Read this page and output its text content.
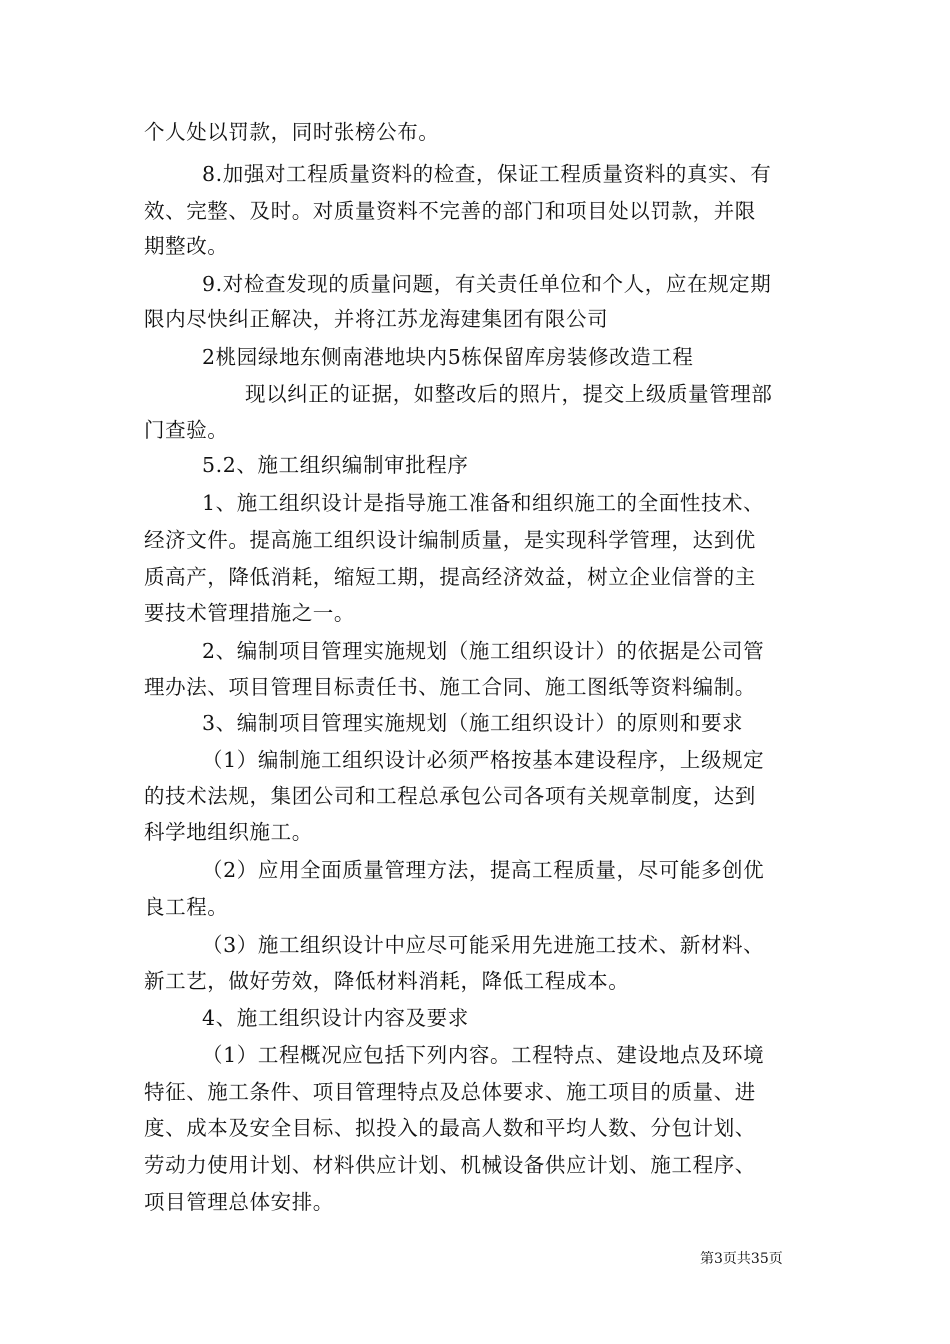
个人处以罚款，同时张榜公布。
8.加强对工程质量资料的检查，保证工程质量资料的真实、有
效、完整、及时。对质量资料不完善的部门和项目处以罚款，并限
期整改。
9.对检查发现的质量问题，有关责任单位和个人，应在规定期
限内尽快纠正解决，并将江苏龙海建集团有限公司
2桃园绿地东侧南港地块内5栋保留库房装修改造工程
现以纠正的证据，如整改后的照片，提交上级质量管理部
门查验。
5.2、施工组织编制审批程序
1、施工组织设计是指导施工准备和组织施工的全面性技术、
经济文件。提高施工组织设计编制质量，是实现科学管理，达到优
质高产，降低消耗，缩短工期，提高经济效益，树立企业信誉的主
要技术管理措施之一。
2、编制项目管理实施规划（施工组织设计）的依据是公司管
理办法、项目管理目标责任书、施工合同、施工图纸等资料编制。
3、编制项目管理实施规划（施工组织设计）的原则和要求
（1）编制施工组织设计必须严格按基本建设程序，上级规定
的技术法规，集团公司和工程总承包公司各项有关规章制度，达到
科学地组织施工。
（2）应用全面质量管理方法，提高工程质量，尽可能多创优
良工程。
（3）施工组织设计中应尽可能采用先进施工技术、新材料、
新工艺，做好劳效，降低材料消耗，降低工程成本。
4、施工组织设计内容及要求
（1）工程概况应包括下列内容。工程特点、建设地点及环境
特征、施工条件、项目管理特点及总体要求、施工项目的质量、进
度、成本及安全目标、拟投入的最高人数和平均人数、分包计划、
劳动力使用计划、材料供应计划、机械设备供应计划、施工程序、
项目管理总体安排。
第3页共35页
